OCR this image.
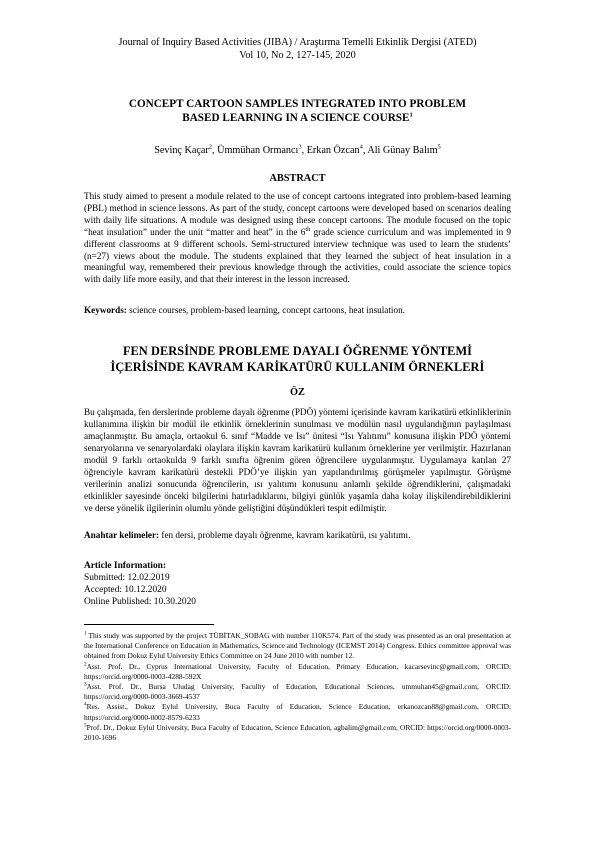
Journal of Inquiry Based Activities (JIBA) / Araştırma Temelli Etkinlik Dergisi (ATED)
Vol 10, No 2, 127-145, 2020
CONCEPT CARTOON SAMPLES INTEGRATED INTO PROBLEM
BASED LEARNING IN A SCIENCE COURSE$^1$
Sevinç Kaçar$^2$, Ümmühan Ormancı$^3$, Erkan Özcan$^4$, Ali Günay Balım$^5$
ABSTRACT
This study aimed to present a module related to the use of concept cartoons integrated into problem-based learning (PBL) method in science lessons. As part of the study, concept cartoons were developed based on scenarios dealing with daily life situations. A module was designed using these concept cartoons. The module focused on the topic “heat insulation” under the unit “matter and heat” in the 6th grade science curriculum and was implemented in 9 different classrooms at 9 different schools. Semi-structured interview technique was used to learn the students’ (n=27) views about the module. The students explained that they learned the subject of heat insulation in a meaningful way, remembered their previous knowledge through the activities, could associate the science topics with daily life more easily, and that their interest in the lesson increased.
Keywords: science courses, problem-based learning, concept cartoons, heat insulation.
FEN DERSİNDE PROBLEME DAYALI ÖĞRENME YÖNTEMİ
İÇERİSİNDE KAVRAM KARİKATÜRÜ KULLANIM ÖRNEKLERİ
ÖZ
Bu çalışmada, fen derslerinde probleme dayalı öğrenme (PDÖ) yöntemi içerisinde kavram karikatürü etkinliklerinin kullanımına ilişkin bir modül ile etkinlik örneklerinin sunulması ve modülün nasıl uygulandığının paylaşılması amaçlanmıştır. Bu amaçla, ortaokul 6. sınıf “Madde ve Isı” ünitesi “Isı Yalıtımı” konusuna ilişkin PDÖ yöntemi senaryolarına ve senaryolardaki olaylara ilişkin kavram karikatürü kullanım örneklerine yer verilmiştir. Hazırlanan modül 9 farklı ortaokulda 9 farklı sınıfta öğrenim gören öğrencilere uygulanmıştır. Uygulamaya katılan 27 öğrenciyle kavram karikatürü destekli PDÖ’ye ilişkin yarı yapılandırılmış görüşmeler yapılmıştır. Görüşme verilerinin analizi sonucunda öğrencilerin, ısı yalıtımı konusunu anlamlı şekilde öğrendiklerini, çalışmadaki etkinlikler sayesinde önceki bilgilerini hatırladıklarını, bilgiyi günlük yaşamla daha kolay ilişkilendirebildiklerini ve derse yönelik ilgilerinin olumlu yönde geliştiğini düşündükleri tespit edilmiştir.
Anahtar kelimeler: fen dersi, probleme dayalı öğrenme, kavram karikatürü, ısı yalıtımı.
Article Information:
Submitted: 12.02.2019
Accepted: 10.12.2020
Online Published: 10.30.2020

$^1$ This study was supported by the project TÜBİTAK_SOBAG with number 110K574. Part of the study was presented as an oral presentation at the International Conference on Education in Mathematics, Science and Technology (ICEMST 2014) Congress. Ethics committee approval was obtained from Dokuz Eylul University Ethics Committee on 24 June 2010 with number 12.

$^2$Asst. Prof. Dr., Cyprus International University, Faculty of Education, Primary Education, kacarsevinc@gmail.com, ORCID: https://orcid.org/0000-0003-4288-592X

$^3$Asst. Prof. Dr., Bursa Uludag University, Facullty of Education, Educational Sciences, ummuhan45@gmail.com, ORCID: https://orcid.org/0000-0003-3669-4537

$^4$Res. Assist., Dokuz Eylul University, Buca Faculty of Education, Science Education, erkanozcan88@gmail.com, ORCID: https://orcid.org/0000-0002-8579-6233

$^5$Prof. Dr., Dokuz Eylul University, Buca Faculty of Education, Science Education, agbalim@gmail.com, ORCID: https://orcid.org/0000-0003-2010-1696
